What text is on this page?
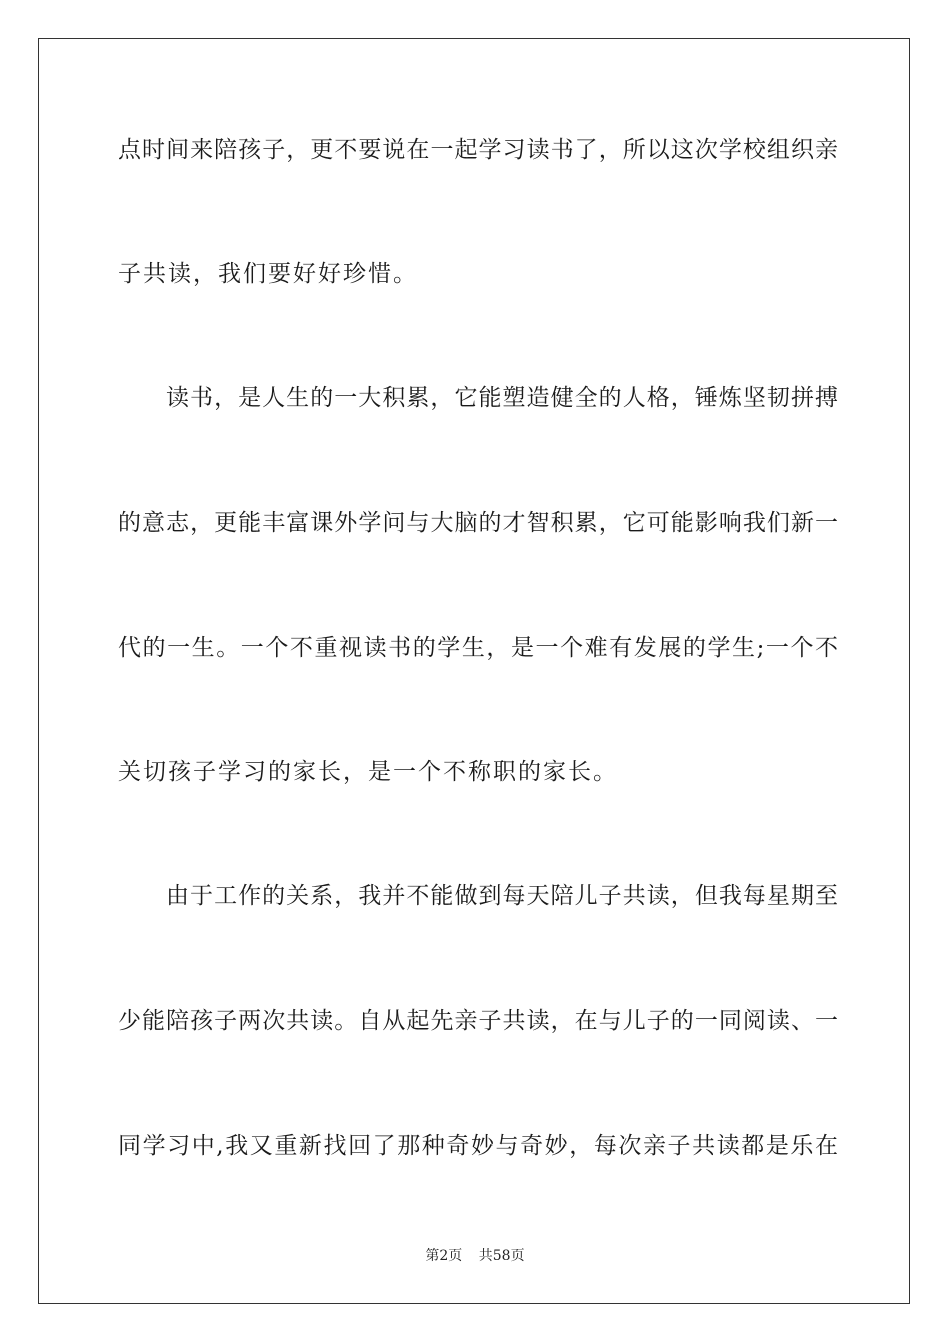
点时间来陪孩子，更不要说在一起学习读书了，所以这次学校组织亲
子共读，我们要好好珍惜。
读书，是人生的一大积累，它能塑造健全的人格，锤炼坚韧拼搏
的意志，更能丰富课外学问与大脑的才智积累，它可能影响我们新一
代的一生。一个不重视读书的学生，是一个难有发展的学生;一个不
关切孩子学习的家长，是一个不称职的家长。
由于工作的关系，我并不能做到每天陪儿子共读，但我每星期至
少能陪孩子两次共读。自从起先亲子共读，在与儿子的一同阅读、一
同学习中,我又重新找回了那种奇妙与奇妙，每次亲子共读都是乐在
第2页 共58页
